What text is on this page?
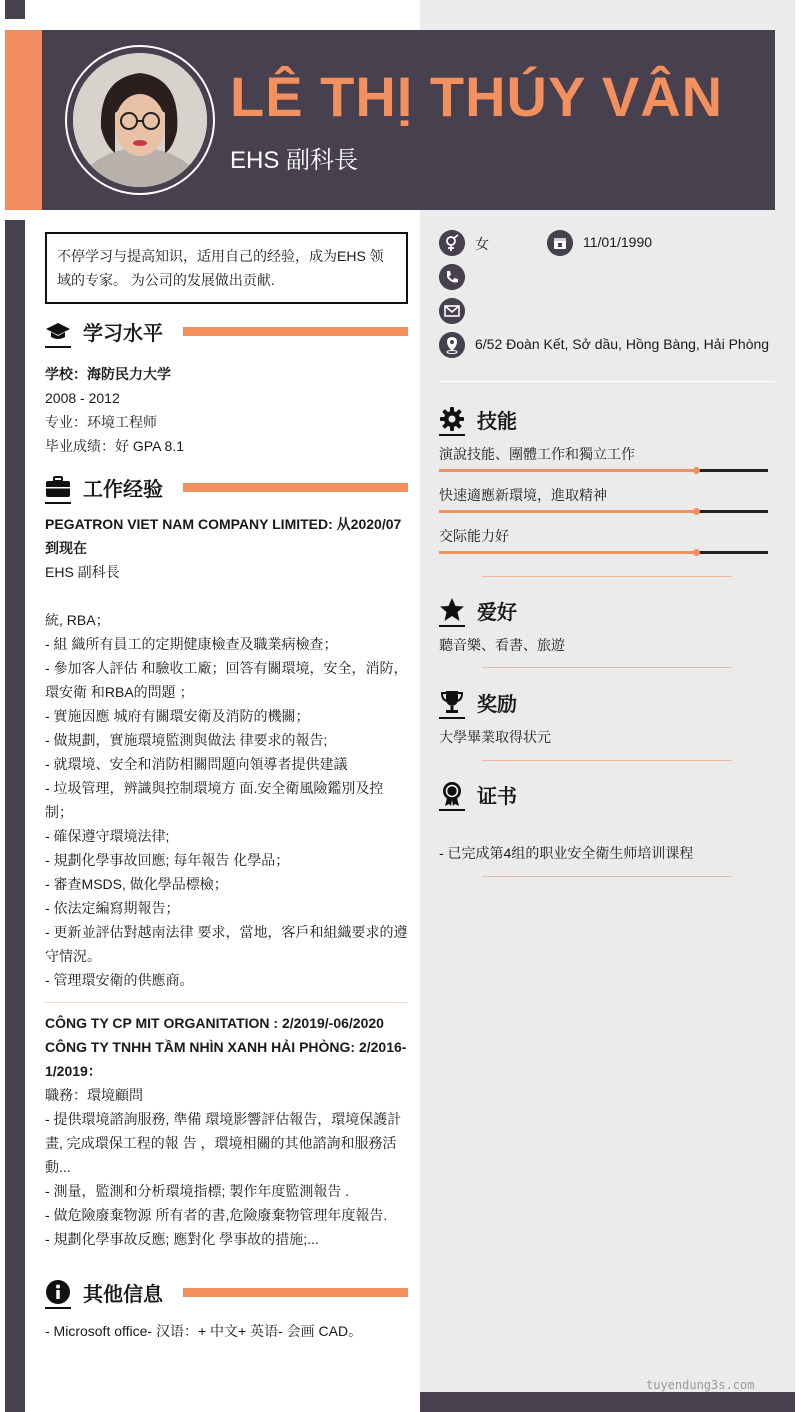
LÊ THỊ THÚY VÂN
EHS 副科長
不停学习与提高知识，适用自己的经验，成为EHS 领域的专家。 为公司的发展做出贡献.
学习水平
学校：海防民力大学
2008 - 2012
专业：环境工程师
毕业成绩：好 GPA 8.1
工作经验
PEGATRON VIET NAM COMPANY LIMITED: 从2020/07
到现在
EHS 副科長

統, RBA；
- 組 織所有員工的定期健康檢查及職業病檢查；
- 參加客人評估 和驗收工廠；回答有關環境，安全，消防，
環安衛 和RBA的問題 ；
- 實施因應 城府有關環安衛及消防的機關；
- 做規劃，實施環境監測與做法 律要求的報告;
- 就環境、安全和消防相關問題向領導者提供建議
- 垃圾管理，辨識與控制環境方 面.安全衛風險鑑別及控
制；
- 確保遵守環境法律;
- 規劃化學事故回應; 每年報告 化學品；
- 審查MSDS, 做化學品標檢；
- 依法定編寫期報告；
- 更新並評估對越南法律 要求，當地，客戶和組織要求的遵
守情況。
- 管理環安衛的供應商。
CÔNG TY CP MIT ORGANITATION : 2/2019/-06/2020
CÔNG TY TNHH TẦM NHÌN XANH HẢI PHÒNG: 2/2016-
1/2019：
職務：環境顧問
- 提供環境諮詢服務, 準備 環境影響評估報告，環境保護計
畫, 完成環保工程的報 告 ，環境相關的其他諮詢和服務活
動...
- 測量，監測和分析環境指標; 製作年度監測報告 .
- 做危險廢棄物源 所有者的書,危險廢棄物管理年度報告.
- 規劃化學事故反應; 應對化 學事故的措施;...
其他信息
- Microsoft office- 汉语：+ 中文+ 英语- 会画 CAD。
女	11/01/1990
6/52 Đoàn Kết, Sở dầu, Hồng Bàng, Hải Phòng
技能
演說技能、團體工作和獨立工作
快速適應新環境，進取精神
交际能力好
爱好
聽音樂、看書、旅遊
奖励
大學畢業取得状元
证书
- 已完成第4组的职业安全衛生师培训课程
tuyendung3s.com
